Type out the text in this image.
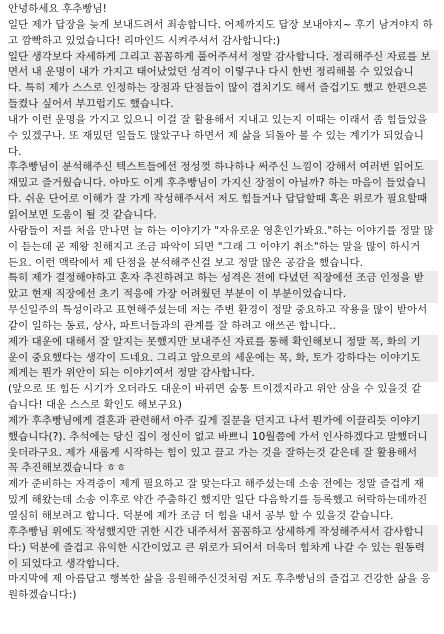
안녕하세요 후추빵님!
일단 제가 답장을 늦게 보내드려서 죄송합니다. 어제까지도 답장 보내야지~ 후기 남겨야지 하
고 깜빡하고 있었습니다! 리마인드 시켜주셔서 감사합니다:)
일단 생각보다 자세하게 그리고 꼼꼼하게 풀어주셔서 정말 감사합니다. 정리해주신 자료를 보
면서 내 운명이 내가 가지고 태어났었던 성격이 이렇구나 다시 한번 정리해볼 수 있었습니
다. 특히 제가 스스로 인정하는 장점과 단점들이 많이 겹치기도 해서 즐겁기도 했고 한편으론
들켰나 싶어서 부끄럽기도 했습니다.
내가 이런 운명을 가지고 있으니 이걸 잘 활용해서 지내고 있는지 이때는 이래서 좀 힘들었을
수 있겠구나. 또 재밌던 일들도 많았구나 하면서 제 삶을 되돌아 볼 수 있는 계기가 되었습니
다.
후추빵님이 분석해주신 텍스트들에선 정성껏 하나하나 써주신 느낌이 강해서 여러번 읽어도
재밌고 즐거웠습니다. 아마도 이게 후추빵님이 가지신 장점이 아닐까? 하는 마음이 들었습니
다. 쉬운 단어로 이해가 잘 가게 작성해주셔서 저도 힘들거나 답답할때 혹은 위로가 필요할때
읽어보면 도움이 될 것 같습니다.
사람들이 저를 처음 만나면 늘 하는 이야기가 "자유로운 영혼인가봐요."하는 이야기를 정말 많
이 듣는데 곧 제왕 친해지고 조금 파악이 되면 "그래 그 이야기 취소"하는 말을 많이 하시거
든요. 이런 맥락에서 제 단점을 분석해주신걸 보고 정말 많은 공감을 했습니다.
특히 제가 결정해야하고 혼자 추진하려고 하는 성격은 전에 다녔던 직장에선 조금 인정을 받
았고 현재 직장에선 초기 적응에 가장 어려웠던 부분이 이 부분이었습니다.
무신일주의 특성이라고 표현해주셨는데 저는 주변 환경이 정말 중요하고 작용을 많이 받아서
같이 일하는 동료, 상사, 파트너들과의 관계를 잘 하려고 애쓰곤 합니다..
제가 대운에 대해서 잘 알지는 못했지만 보내주신 자료를 통해 확인해보니 정말 목, 화의 기
운이 중요했다는 생각이 드네요. 그리고 앞으로의 세운에는 목, 화, 토가 강하다는 이야기도
제게는 뭔가 위안이 되는 이야기여서 정말 감사합니다.
(앞으로 또 힘든 시기가 오더라도 대운이 바뀌면 숨통 트이겠지라고 위안 삼을 수 있을것 같
습니다! 대운 스스로 확인도 해보구요)
제가 후추빵님에게 결혼과 관련해서 아주 깊게 질문을 던지고 나서 뭔가에 이끌리듯 이야기
했습니다(?). 추석에는 당신 집이 정신이 없고 바쁘니 10월쯤에 가서 인사하겠다고 말했더니
웃더라구요. 제가 새롭게 시작하는 힘이 있고 끌고 가는 것을 잘하는것 같은데 잘 활용해서
꼭 추진해보겠습니다 ㅎㅎ
제가 준비하는 자격증이 제게 필요하고 잘 맞는다고 해주셨는데 소송 전에는 정말 즐겁게 재
밌게 해왔는데 소송 이후로 약간 주춤하긴 했지만 일단 다음학기를 등록했고 허락하는데까진
열심히 해보려고 합니다. 덕분에 제가 조금 더 힘을 내서 공부 할 수 있을것 같습니다.
후추빵님 위에도 작성했지만 귀한 시간 내주셔서 꼼꼼하고 상세하게 작성해주셔서 감사합니
다:) 덕분에 즐겁고 유익한 시간이었고 큰 위로가 되어서 더욱더 힘차게 나갈 수 있는 원동력
이 되었다고 생각합니다.
마지막에 제 아름답고 행복한 삶을 응원해주신것처럼 저도 후추빵님의 즐겁고 건강한 삶을 응
원하겠습니다:)
